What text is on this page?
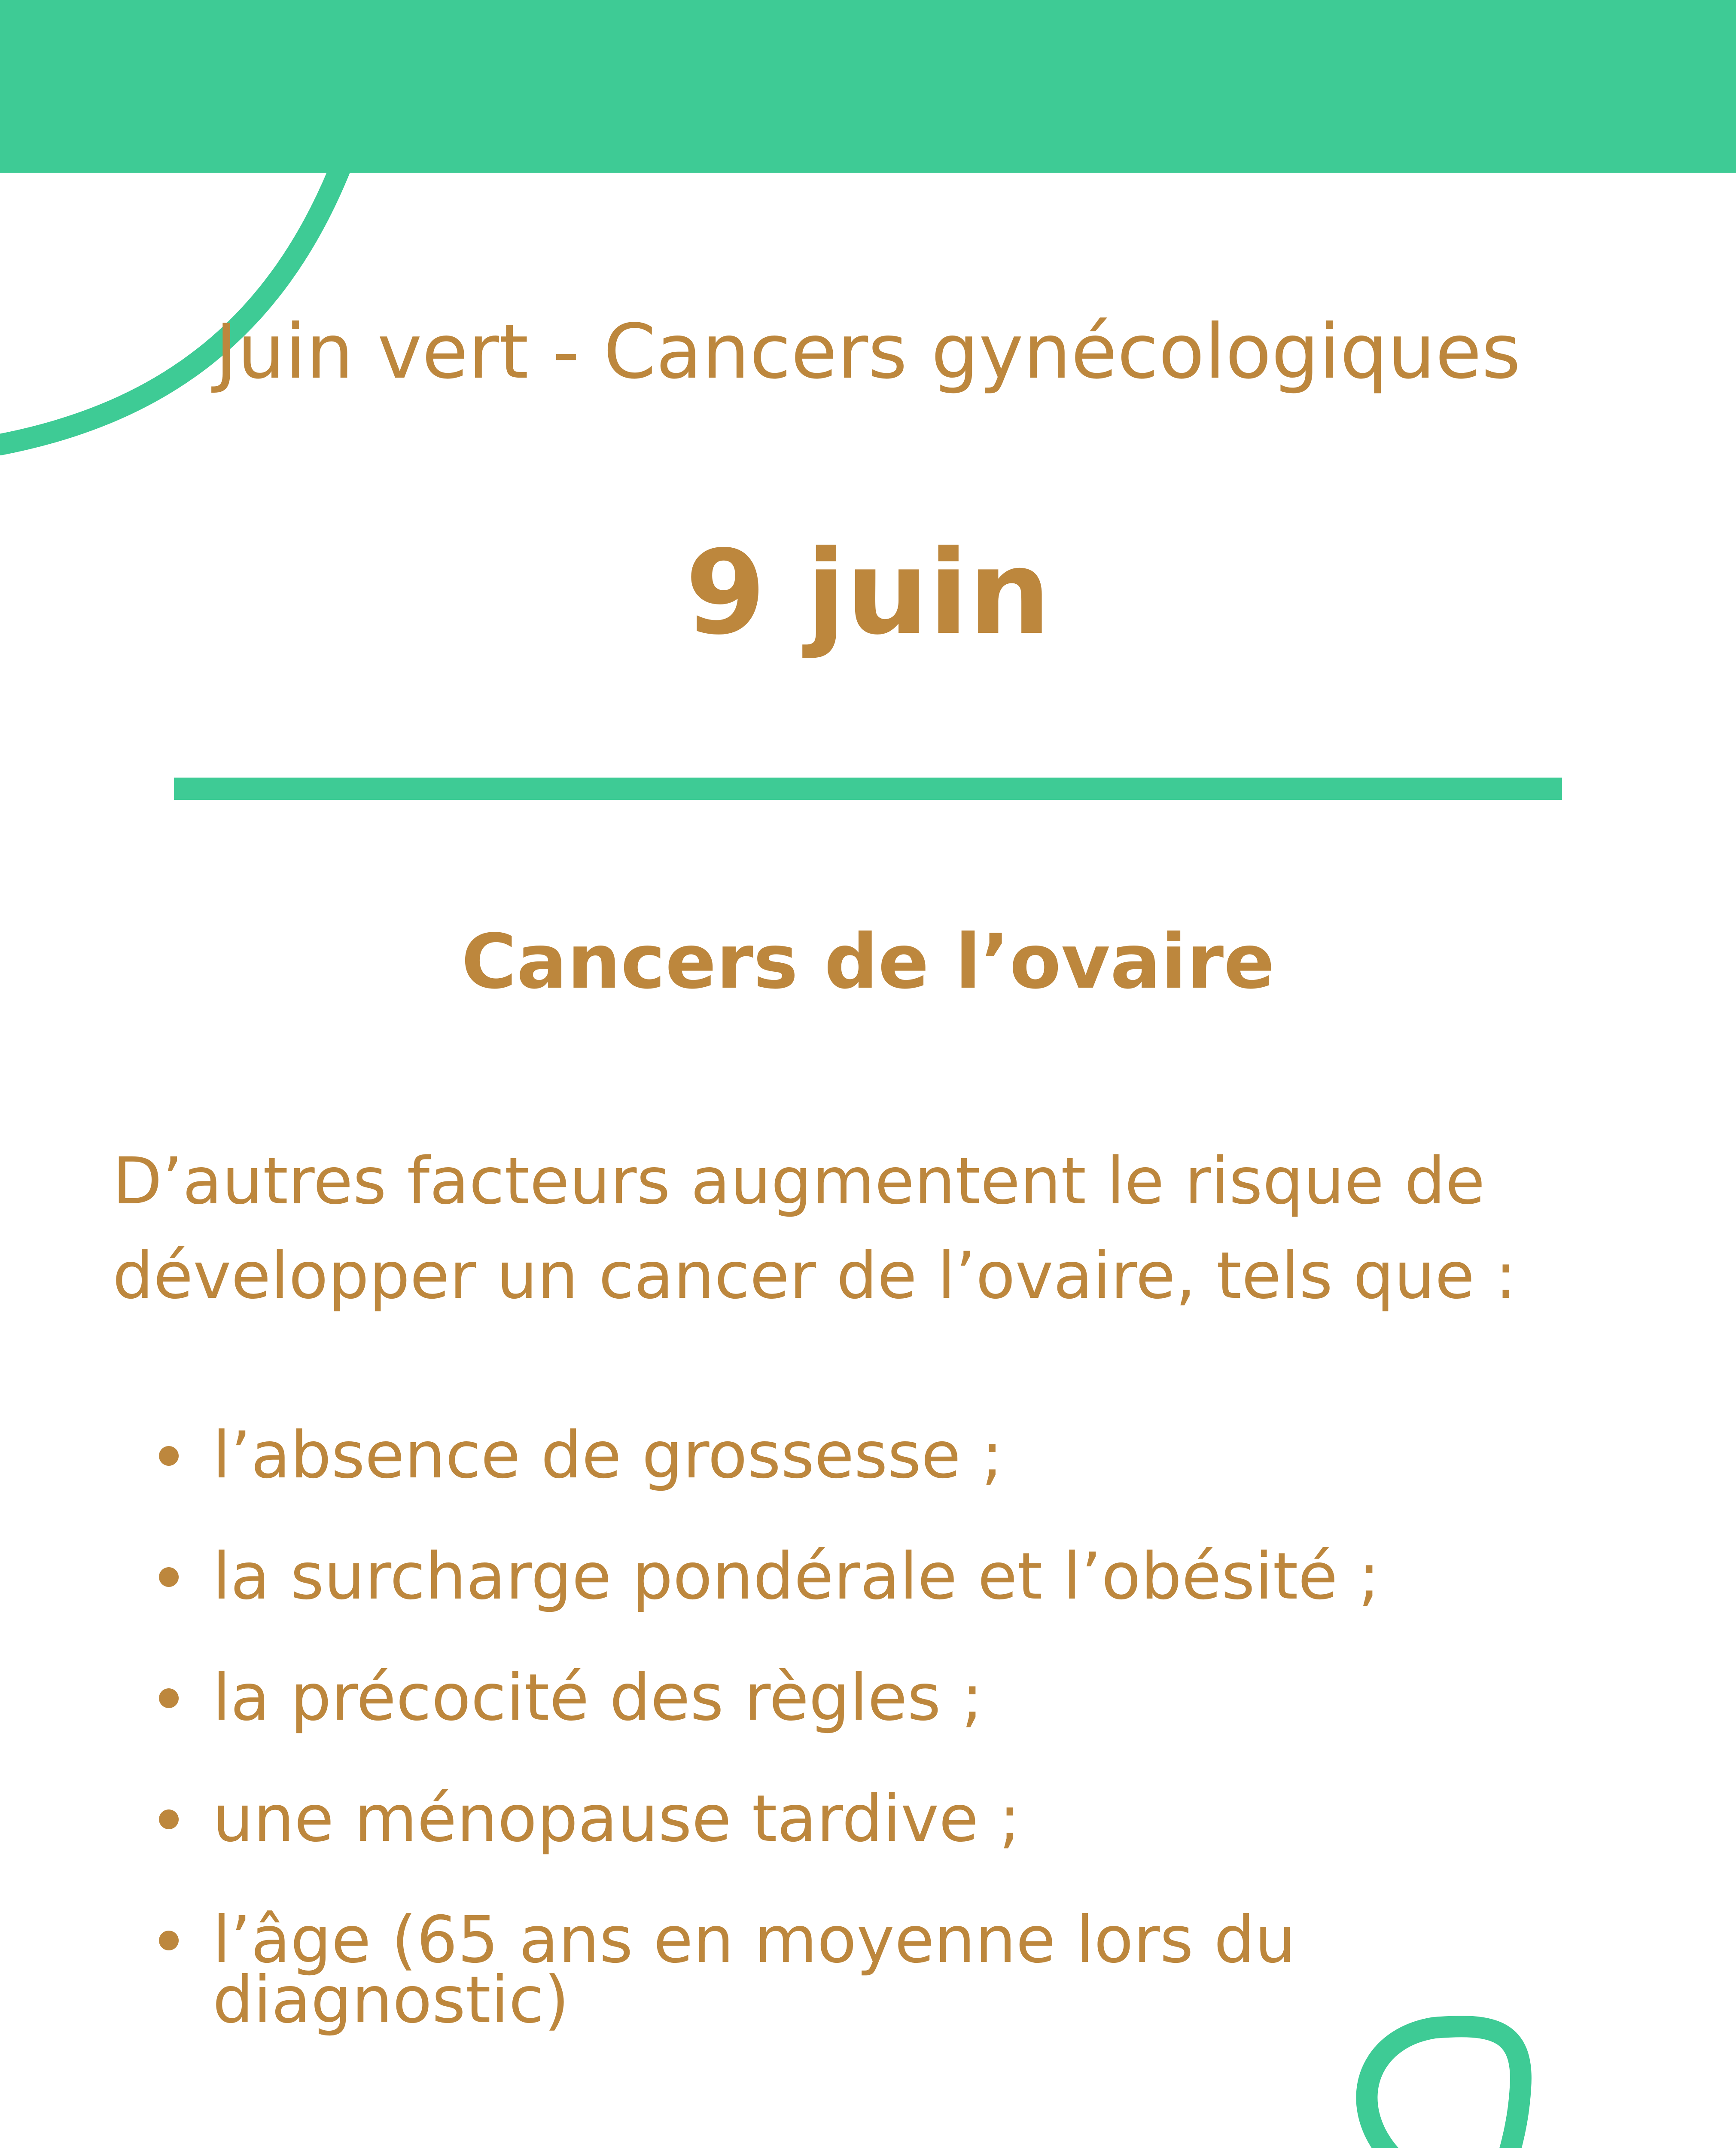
Juin vert - Cancers gynécologiques
9 juin
Cancers de l’ovaire
D’autres facteurs augmentent le risque de
développer un cancer de l’ovaire, tels que :
l’absence de grossesse ;
la surcharge pondérale et l’obésité ;
la précocité des règles ;
une ménopause tardive ;
l’âge (65 ans en moyenne lors du
diagnostic)
